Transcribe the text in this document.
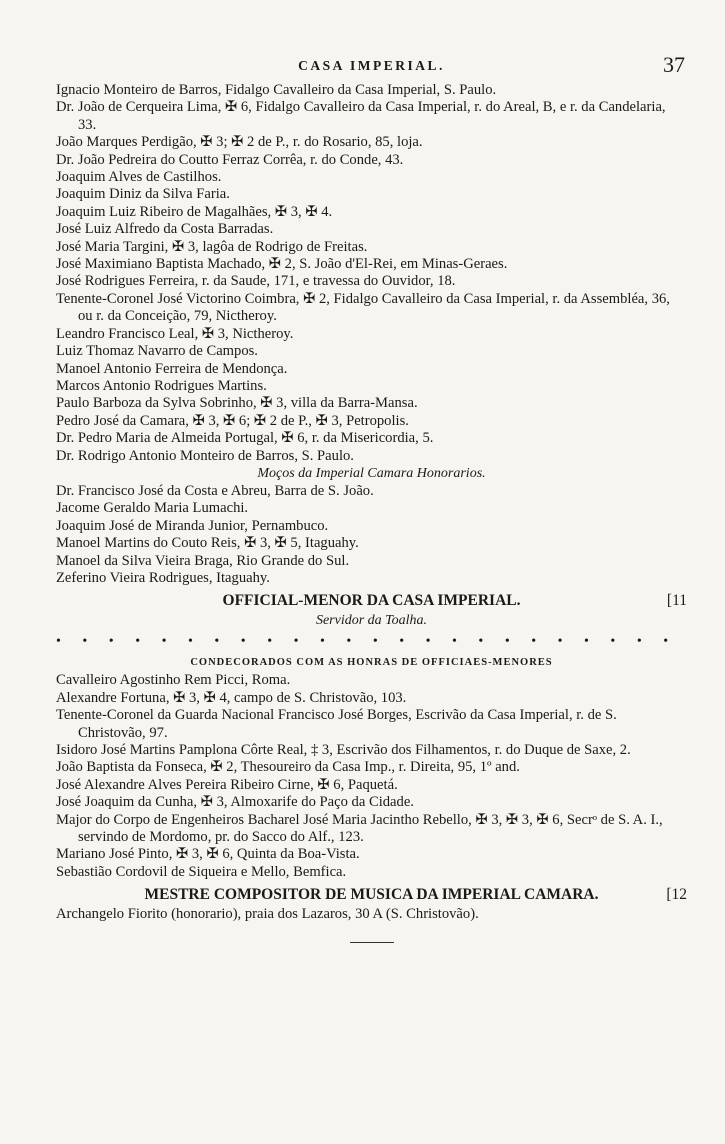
CASA IMPERIAL.	37
Ignacio Monteiro de Barros, Fidalgo Cavalleiro da Casa Imperial, S. Paulo.
Dr. João de Cerqueira Lima, ✠ 6, Fidalgo Cavalleiro da Casa Imperial, r. do Areal, B, e r. da Candelaria, 33.
João Marques Perdigão, ✠ 3; ✠ 2 de P., r. do Rosario, 85, loja.
Dr. João Pedreira do Coutto Ferraz Corrêa, r. do Conde, 43.
Joaquim Alves de Castilhos.
Joaquim Diniz da Silva Faria.
Joaquim Luiz Ribeiro de Magalhães, ✠ 3, ✠ 4.
José Luiz Alfredo da Costa Barradas.
José Maria Targini, ✠ 3, lagôa de Rodrigo de Freitas.
José Maximiano Baptista Machado, ✠ 2, S. João d'El-Rei, em Minas-Geraes.
José Rodrigues Ferreira, r. da Saude, 171, e travessa do Ouvidor, 18.
Tenente-Coronel José Victorino Coimbra, ✠ 2, Fidalgo Cavalleiro da Casa Imperial, r. da Assembléa, 36, ou r. da Conceição, 79, Nictheroy.
Leandro Francisco Leal, ✠ 3, Nictheroy.
Luiz Thomaz Navarro de Campos.
Manoel Antonio Ferreira de Mendonça.
Marcos Antonio Rodrigues Martins.
Paulo Barboza da Sylva Sobrinho, ✠ 3, villa da Barra-Mansa.
Pedro José da Camara, ✠ 3, ✠ 6; ✠ 2 de P., ✠ 3, Petropolis.
Dr. Pedro Maria de Almeida Portugal, ✠ 6, r. da Misericordia, 5.
Dr. Rodrigo Antonio Monteiro de Barros, S. Paulo.
Moços da Imperial Camara Honorarios.
Dr. Francisco José da Costa e Abreu, Barra de S. João.
Jacome Geraldo Maria Lumachi.
Joaquim José de Miranda Junior, Pernambuco.
Manoel Martins do Couto Reis, ✠ 3, ✠ 5, Itaguahy.
Manoel da Silva Vieira Braga, Rio Grande do Sul.
Zeferino Vieira Rodrigues, Itaguahy.
OFFICIAL-MENOR DA CASA IMPERIAL.	[11
Servidor da Toalha.
• • • • • • • • • • • • • • • • • • • • • • • •
CONDECORADOS COM AS HONRAS DE OFFICIAES-MENORES
Cavalleiro Agostinho Rem Picci, Roma.
Alexandre Fortuna, ✠ 3, ✠ 4, campo de S. Christovão, 103.
Tenente-Coronel da Guarda Nacional Francisco José Borges, Escrivão da Casa Imperial, r. de S. Christovão, 97.
Isidoro José Martins Pamplona Côrte Real, ‡ 3, Escrivão dos Filhamentos, r. do Duque de Saxe, 2.
João Baptista da Fonseca, ✠ 2, Thesoureiro da Casa Imp., r. Direita, 95, 1º and.
José Alexandre Alves Pereira Ribeiro Cirne, ✠ 6, Paquetá.
José Joaquim da Cunha, ✠ 3, Almoxarife do Paço da Cidade.
Major do Corpo de Engenheiros Bacharel José Maria Jacintho Rebello, ✠ 3, ✠ 3, ✠ 6, Secrᵒ de S. A. I., servindo de Mordomo, pr. do Sacco do Alf., 123.
Mariano José Pinto, ✠ 3, ✠ 6, Quinta da Boa-Vista.
Sebastião Cordovil de Siqueira e Mello, Bemfica.
MESTRE COMPOSITOR DE MUSICA DA IMPERIAL CAMARA.	[12
Archangelo Fiorito (honorario), praia dos Lazaros, 30 A (S. Christovão).
